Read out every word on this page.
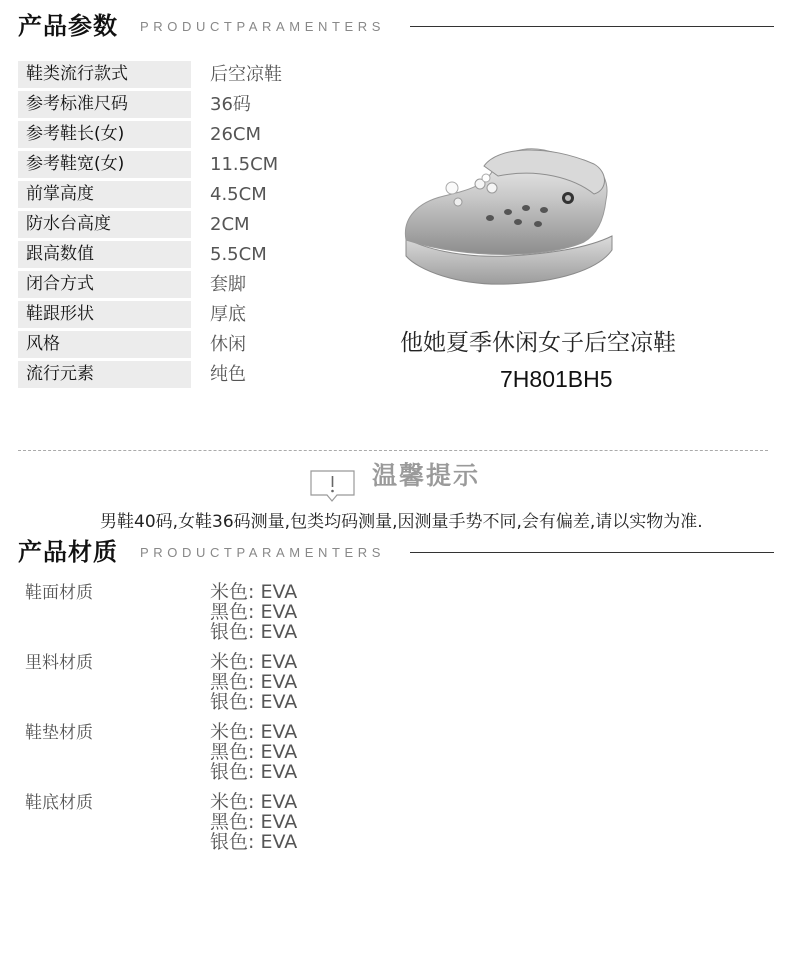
产品参数 PRODUCTPARAMENTERS
鞋类流行款式	后空凉鞋
参考标准尺码	36码
参考鞋长(女)	26CM
参考鞋宽(女)	11.5CM
前掌高度	4.5CM
防水台高度	2CM
跟高数值	5.5CM
闭合方式	套脚
鞋跟形状	厚底
风格	休闲
流行元素	纯色
他她夏季休闲女子后空凉鞋
7H801BH5
温馨提示
男鞋40码,女鞋36码测量,包类均码测量,因测量手势不同,会有偏差,请以实物为准.
产品材质 PRODUCTPARAMENTERS
鞋面材质	米色: EVA
黑色: EVA
银色: EVA
里料材质	米色: EVA
黑色: EVA
银色: EVA
鞋垫材质	米色: EVA
黑色: EVA
银色: EVA
鞋底材质	米色: EVA
黑色: EVA
银色: EVA
